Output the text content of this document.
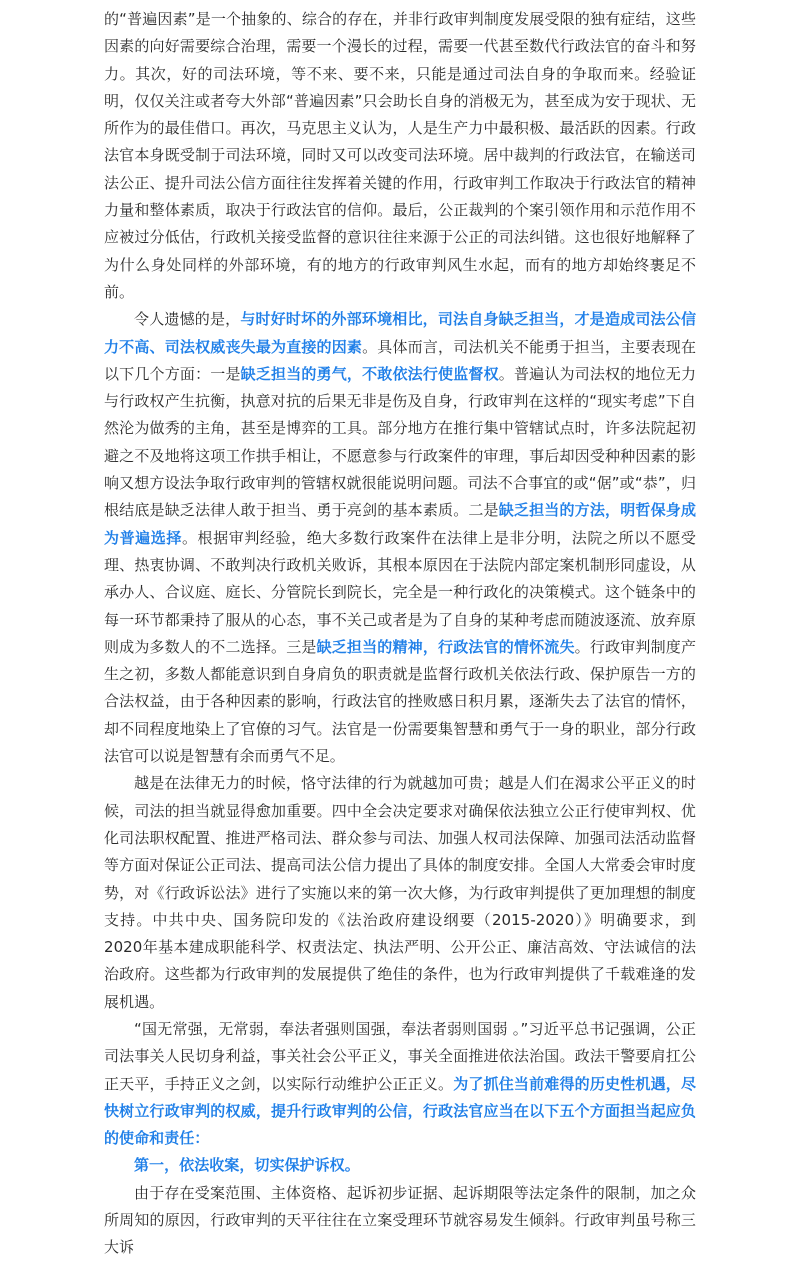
的“普遍因素”是一个抽象的、综合的存在，并非行政审判制度发展受限的独有症结，这些因素的向好需要综合治理，需要一个漫长的过程，需要一代甚至数代行政法官的奋斗和努力。其次，好的司法环境，等不来、要不来，只能是通过司法自身的争取而来。经验证明，仅仅关注或者夸大外部“普遍因素”只会助长自身的消极无为，甚至成为安于现状、无所作为的最佳借口。再次，马克思主义认为，人是生产力中最积极、最活跃的因素。行政法官本身既受制于司法环境，同时又可以改变司法环境。居中裁判的行政法官，在输送司法公正、提升司法公信方面往往发挥着关键的作用，行政审判工作取决于行政法官的精神力量和整体素质，取决于行政法官的信仰。最后，公正裁判的个案引领作用和示范作用不应被过分低估，行政机关接受监督的意识往往来源于公正的司法纠错。这也很好地解释了为什么身处同样的外部环境，有的地方的行政审判风生水起，而有的地方却始终裹足不前。

令人遗憾的是，与时好时坏的外部环境相比，司法自身缺乏担当，才是造成司法公信力不高、司法权威丧失最为直接的因素。具体而言，司法机关不能勇于担当，主要表现在以下几个方面：一是缺乏担当的勇气，不敢依法行使监督权。普遍认为司法权的地位无力与行政权产生抗衡，执意对抗的后果无非是伤及自身，行政审判在这样的“现实考虑”下自然沦为做秀的主角，甚至是博弈的工具。部分地方在推行集中管辖试点时，许多法院起初避之不及地将这项工作拱手相让，不愿意参与行政案件的审理，事后却因受种种因素的影响又想方设法争取行政审判的管辖权就很能说明问题。司法不合事宜的或“倨”或“恭”，归根结底是缺乏法律人敢于担当、勇于亮剑的基本素质。二是缺乏担当的方法，明哲保身成为普遍选择。根据审判经验，绝大多数行政案件在法律上是非分明，法院之所以不愿受理、热衷协调、不敢判决行政机关败诉，其根本原因在于法院内部定案机制形同虚设，从承办人、合议庭、庭长、分管院长到院长，完全是一种行政化的决策模式。这个链条中的每一环节都秉持了服从的心态，事不关己或者是为了自身的某种考虑而随波逐流、放弃原则成为多数人的不二选择。三是缺乏担当的精神，行政法官的情怀流失。行政审判制度产生之初，多数人都能意识到自身肩负的职责就是监督行政机关依法行政、保护原告一方的合法权益，由于各种因素的影响，行政法官的挫败感日积月累，逐渐失去了法官的情怀，却不同程度地染上了官僚的习气。法官是一份需要集智慧和勇气于一身的职业，部分行政法官可以说是智慧有余而勇气不足。

越是在法律无力的时候，恪守法律的行为就越加可贵；越是人们在渴求公平正义的时候，司法的担当就显得愈加重要。四中全会决定要求对确保依法独立公正行使审判权、优化司法职权配置、推进严格司法、群众参与司法、加强人权司法保障、加强司法活动监督等方面对保证公正司法、提高司法公信力提出了具体的制度安排。全国人大常委会审时度势，对《行政诉讼法》进行了实施以来的第一次大修，为行政审判提供了更加理想的制度支持。中共中央、国务院印发的《法治政府建设纲要（2015-2020）》明确要求，到2020年基本建成职能科学、权责法定、执法严明、公开公正、廉洁高效、守法诚信的法治政府。这些都为行政审判的发展提供了绝佳的条件，也为行政审判提供了千载难逢的发展机遇。

“国无常强，无常弱，奉法者强则国强，奉法者弱则国弱 。”习近平总书记强调，公正司法事关人民切身利益，事关社会公平正义，事关全面推进依法治国。政法干警要肩扛公正天平，手持正义之剑，以实际行动维护公正正义。为了抓住当前难得的历史性机遇，尽快树立行政审判的权威，提升行政审判的公信，行政法官应当在以下五个方面担当起应负的使命和责任：

第一，依法收案，切实保护诉权。

由于存在受案范围、主体资格、起诉初步证据、起诉期限等法定条件的限制，加之众所周知的原因，行政审判的天平往往在立案受理环节就容易发生倾斜。行政审判虽号称三大诉
